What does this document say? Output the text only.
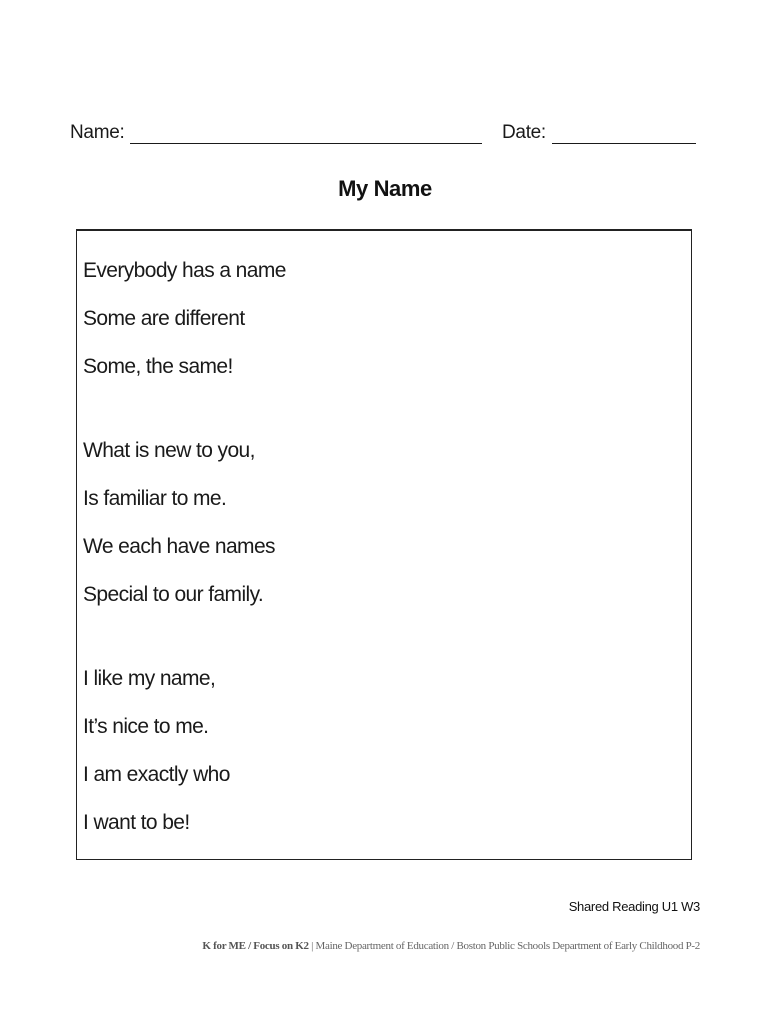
Name:	Date:
My Name
Everybody has a name
Some are different
Some, the same!
What is new to you,
Is familiar to me.
We each have names
Special to our family.
I like my name,
It’s nice to me.
I am exactly who
I want to be!
Shared Reading U1 W3
K for ME / Focus on K2 | Maine Department of Education / Boston Public Schools Department of Early Childhood P-2
